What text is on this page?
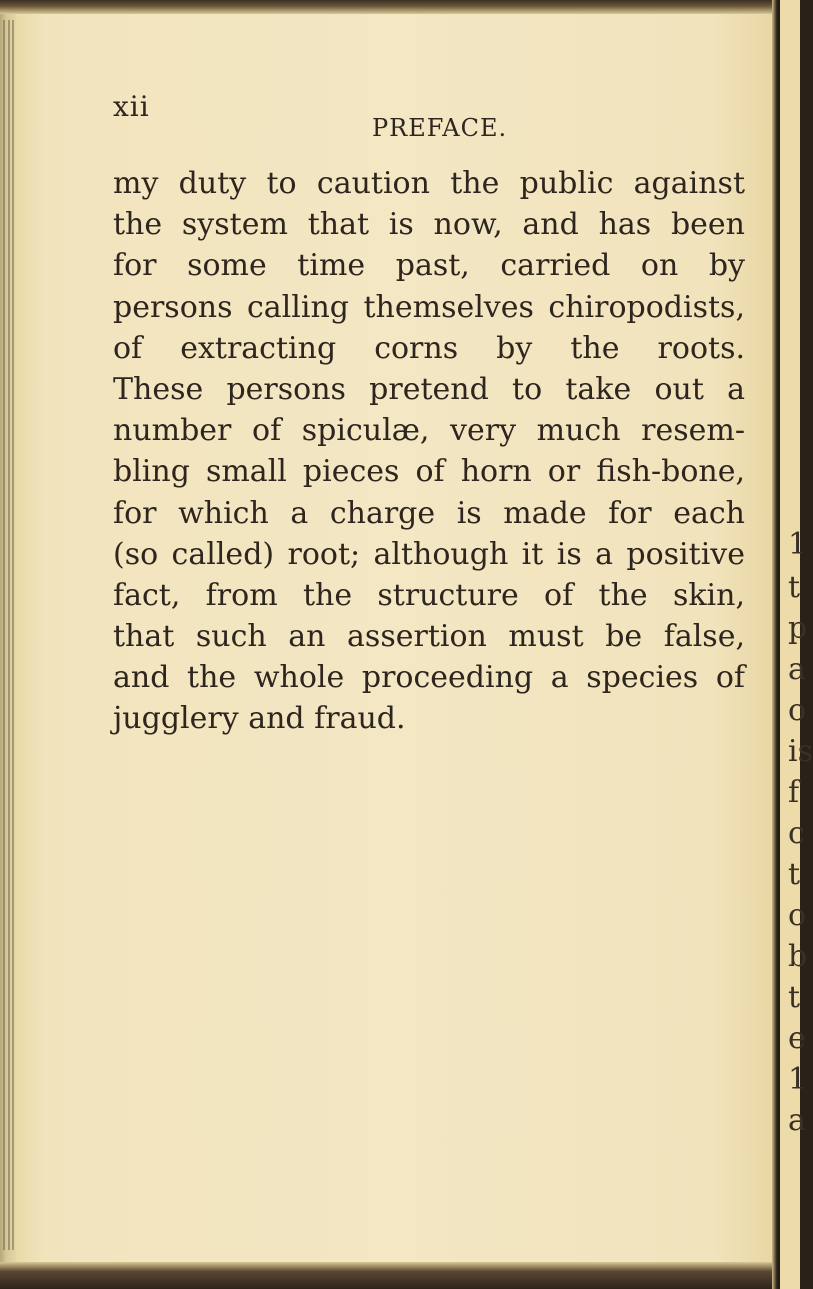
1
t
p
a
o
is
f
c
t
o
b
t
e
1
a
xii
PREFACE.
my duty to caution the public against
the system that is now, and has been
for some time past, carried on by
persons calling themselves chiropodists,
of extracting corns by the roots.
These persons pretend to take out a
number of spiculæ, very much resem-
bling small pieces of horn or fish-bone,
for which a charge is made for each
(so called) root; although it is a positive
fact, from the structure of the skin,
that such an assertion must be false,
and the whole proceeding a species of
jugglery and fraud.
